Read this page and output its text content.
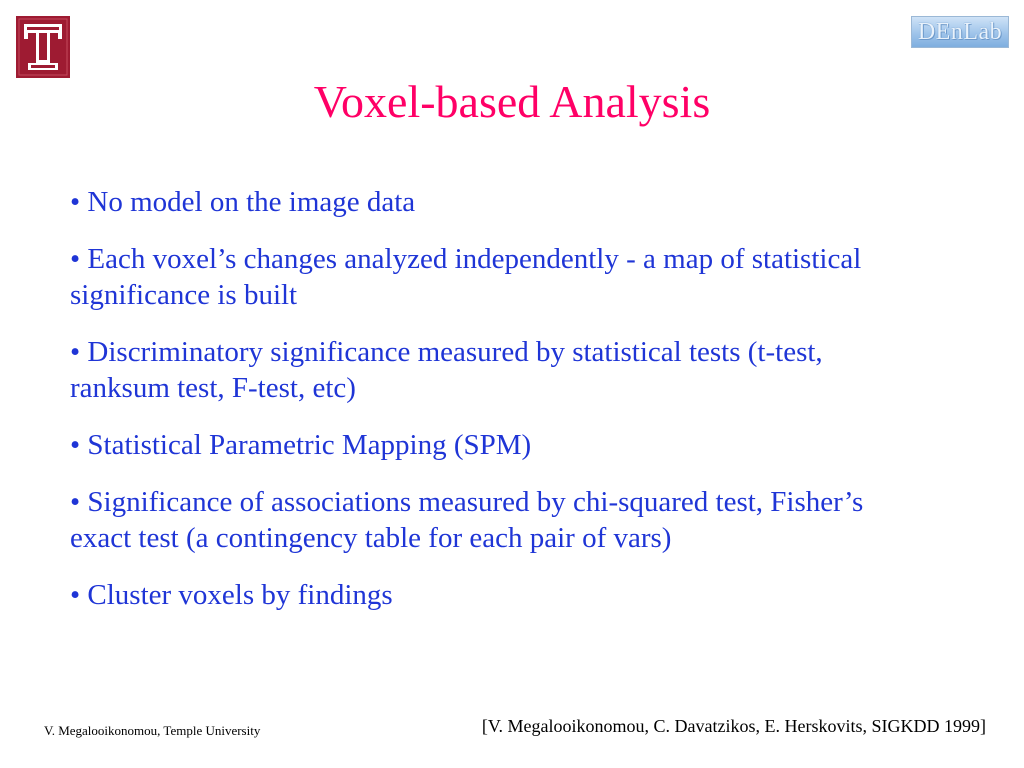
DEnLab
Voxel-based Analysis
• No model on the image data
• Each voxel’s changes analyzed independently - a map of statistical significance is built
• Discriminatory significance measured by statistical tests (t-test, ranksum test, F-test, etc)
• Statistical Parametric Mapping (SPM)
• Significance of associations measured by chi-squared test, Fisher’s exact test (a contingency table for each pair of vars)
• Cluster voxels by findings
V. Megalooikonomou, Temple University	[V. Megalooikonomou, C. Davatzikos, E. Herskovits, SIGKDD 1999]
